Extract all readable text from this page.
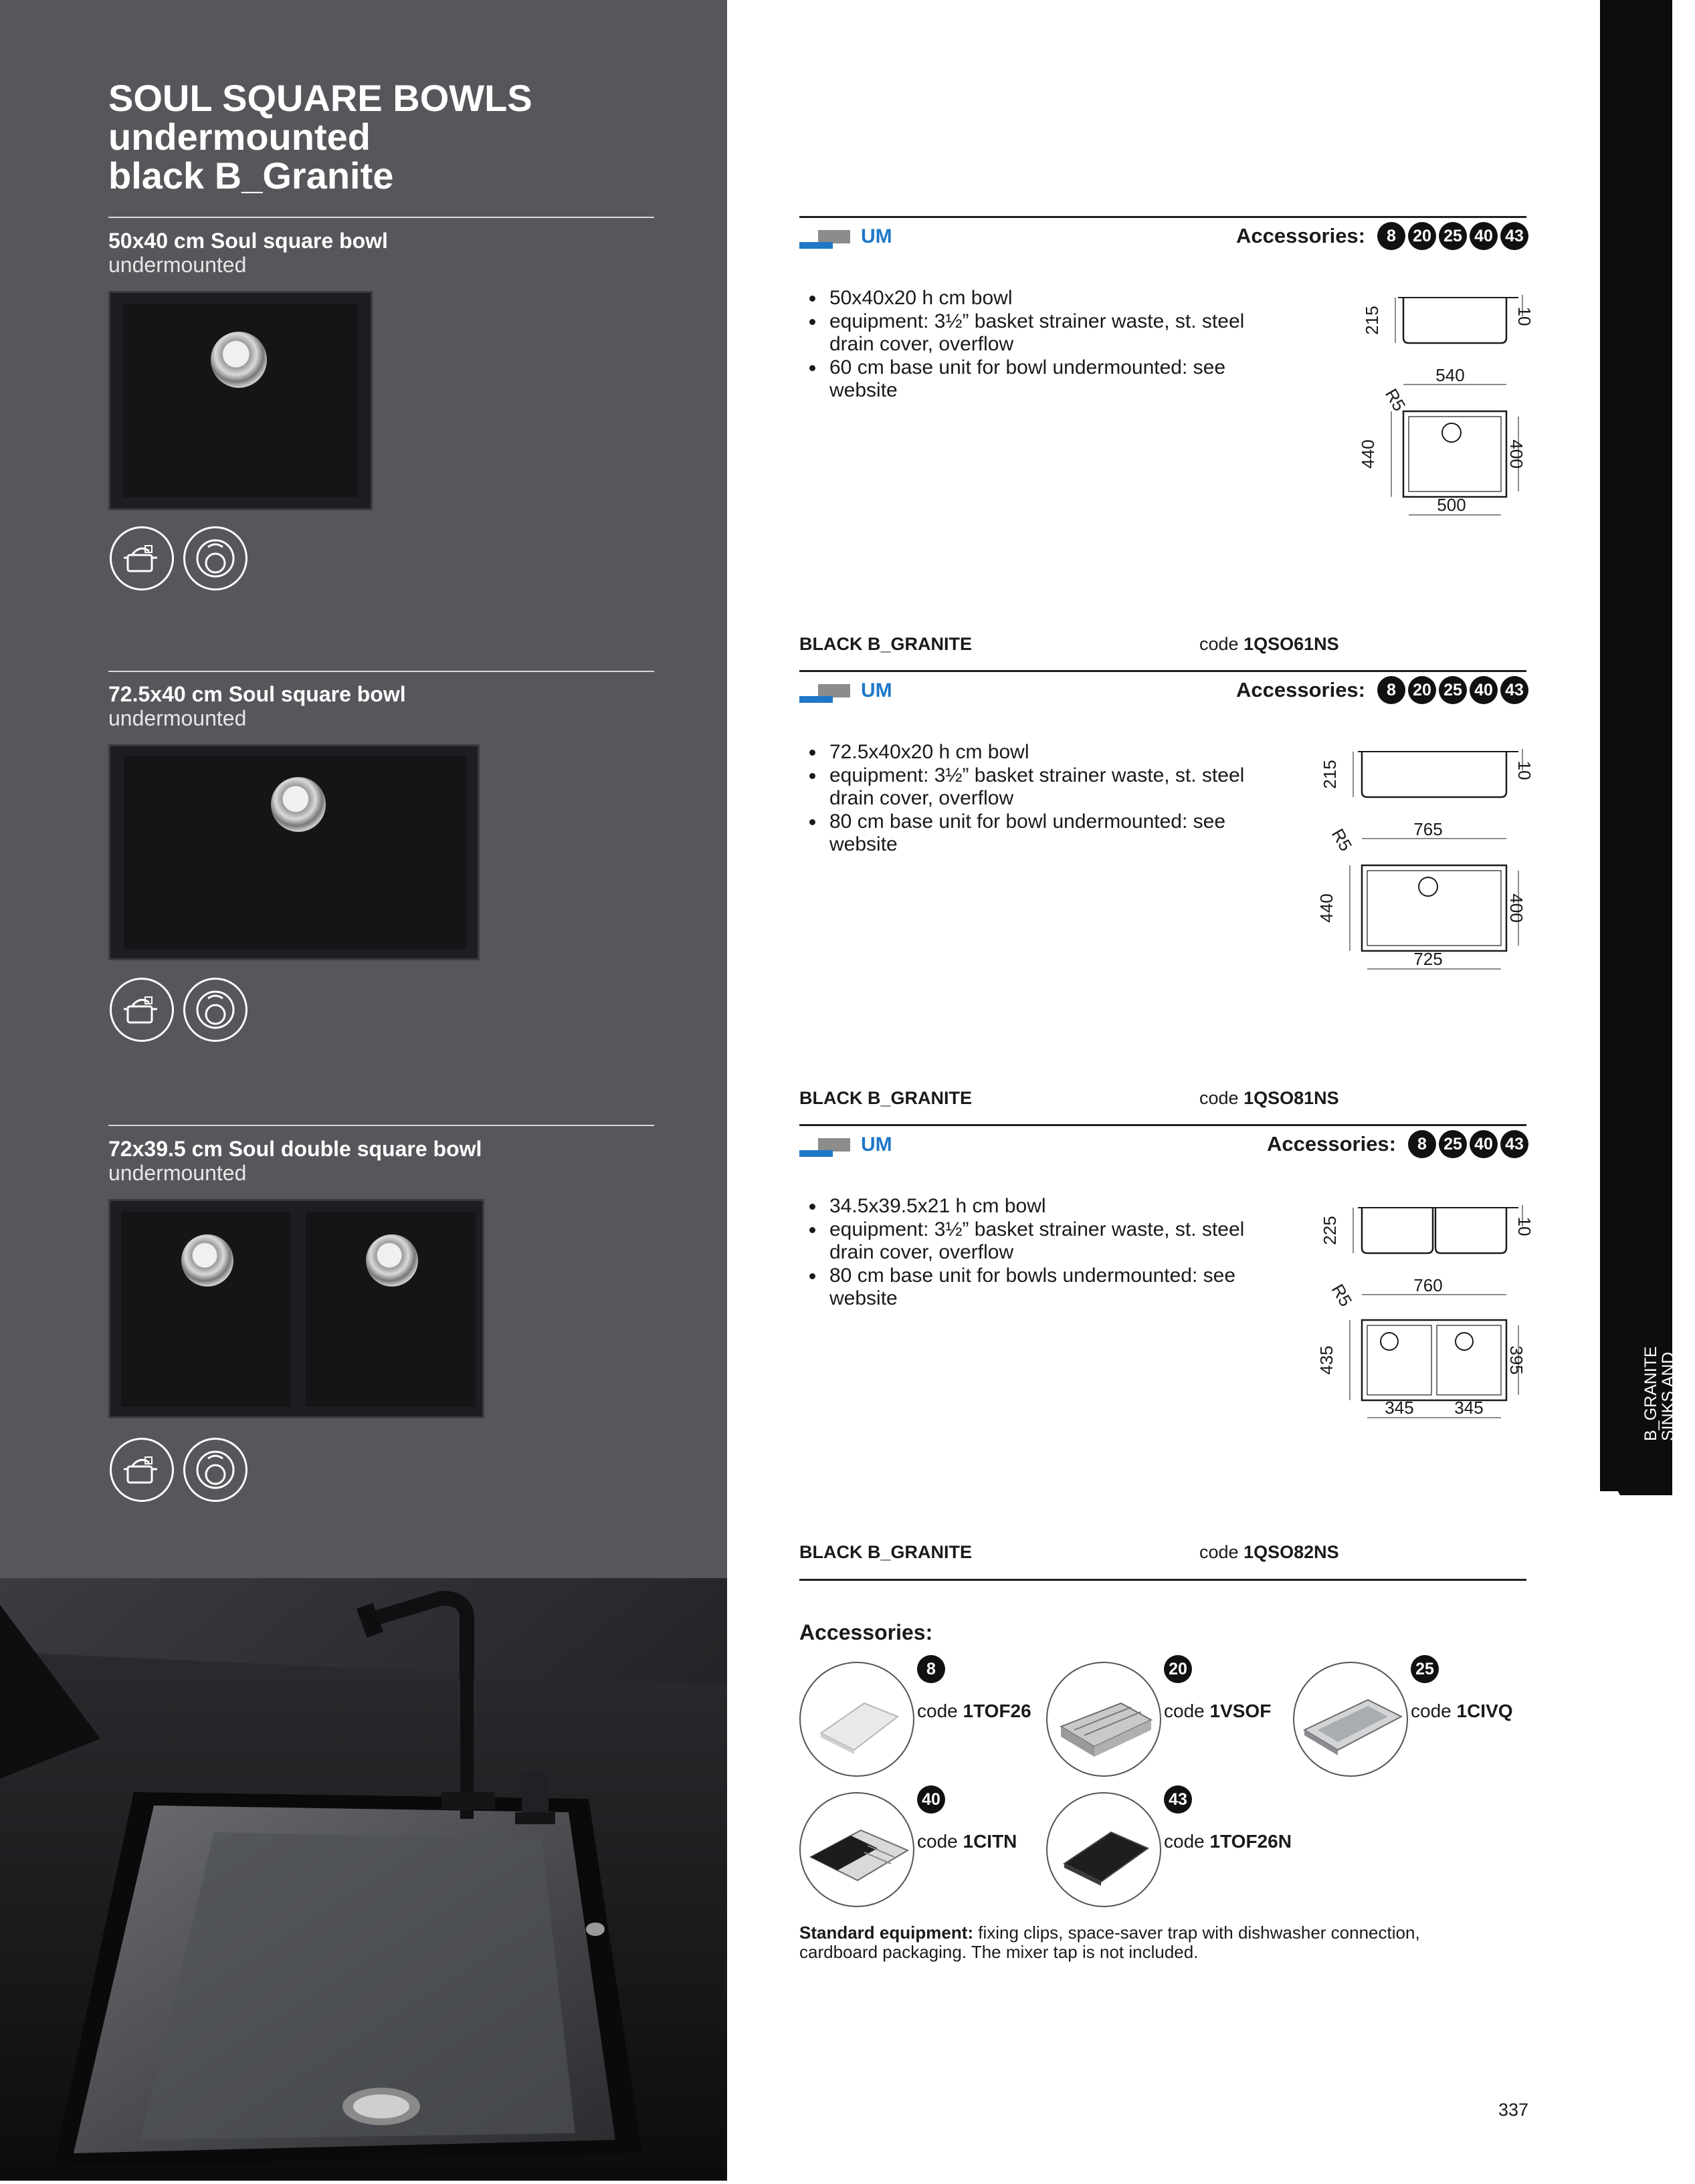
SOUL SQUARE BOWLS
undermounted
black B_Granite
50x40 cm Soul square bowl
undermounted
72.5x40 cm Soul square bowl
undermounted
72x39.5 cm Soul double square bowl
undermounted
UM	Accessories:	8	20 25 40 43
• 50x40x20 h cm bowl
• equipment: 3½” basket strainer waste, st. steel drain cover, overflow
• 60 cm base unit for bowl undermounted: see website
215	10
R5
540
440	400
500
BLACK B_GRANITE	code 1QSO61NS
UM	Accessories:	8	20 25 40 43
• 72.5x40x20 h cm bowl
• equipment: 3½” basket strainer waste, st. steel drain cover, overflow
• 80 cm base unit for bowl undermounted: see website
215	10
R5	765
440	400
725
BLACK B_GRANITE	code 1QSO81NS
UM	Accessories:	8	25 40 43
• 34.5x39.5x21 h cm bowl
• equipment: 3½” basket strainer waste, st. steel drain cover, overflow
• 80 cm base unit for bowls undermounted: see website
225	10
R5	760
435	395
345 345
BLACK B_GRANITE	code 1QSO82NS
Accessories:
8
code 1TOF26
20
code 1VSOF
25
code 1CIVQ
40
code 1CITN
43
code 1TOF26N

Standard equipment: fixing clips, space-saver trap with dishwasher connection, cardboard packaging. The mixer tap is not included.

B_GRANITE
SINKS AND
SQUARE BOWLS
337
